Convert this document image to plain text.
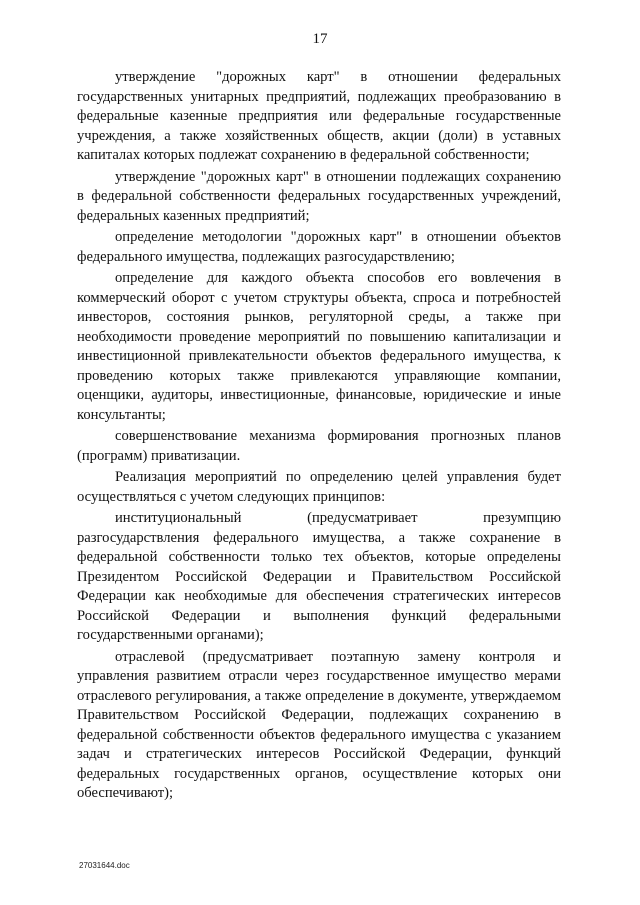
17

утверждение "дорожных карт" в отношении федеральных государственных унитарных предприятий, подлежащих преобразованию в федеральные казенные предприятия или федеральные государственные учреждения, а также хозяйственных обществ, акции (доли) в уставных капиталах которых подлежат сохранению в федеральной собственности;

утверждение "дорожных карт" в отношении подлежащих сохранению в федеральной собственности федеральных государственных учреждений, федеральных казенных предприятий;

определение методологии "дорожных карт" в отношении объектов федерального имущества, подлежащих разгосударствлению;

определение для каждого объекта способов его вовлечения в коммерческий оборот с учетом структуры объекта, спроса и потребностей инвесторов, состояния рынков, регуляторной среды, а также при необходимости проведение мероприятий по повышению капитализации и инвестиционной привлекательности объектов федерального имущества, к проведению которых также привлекаются управляющие компании, оценщики, аудиторы, инвестиционные, финансовые, юридические и иные консультанты;

совершенствование механизма формирования прогнозных планов (программ) приватизации.

Реализация мероприятий по определению целей управления будет осуществляться с учетом следующих принципов:

институциональный (предусматривает презумпцию разгосударствления федерального имущества, а также сохранение в федеральной собственности только тех объектов, которые определены Президентом Российской Федерации и Правительством Российской Федерации как необходимые для обеспечения стратегических интересов Российской Федерации и выполнения функций федеральными государственными органами);

отраслевой (предусматривает поэтапную замену контроля и управления развитием отрасли через государственное имущество мерами отраслевого регулирования, а также определение в документе, утверждаемом Правительством Российской Федерации, подлежащих сохранению в федеральной собственности объектов федерального имущества с указанием задач и стратегических интересов Российской Федерации, функций федеральных государственных органов, осуществление которых они обеспечивают);

27031644.doc
